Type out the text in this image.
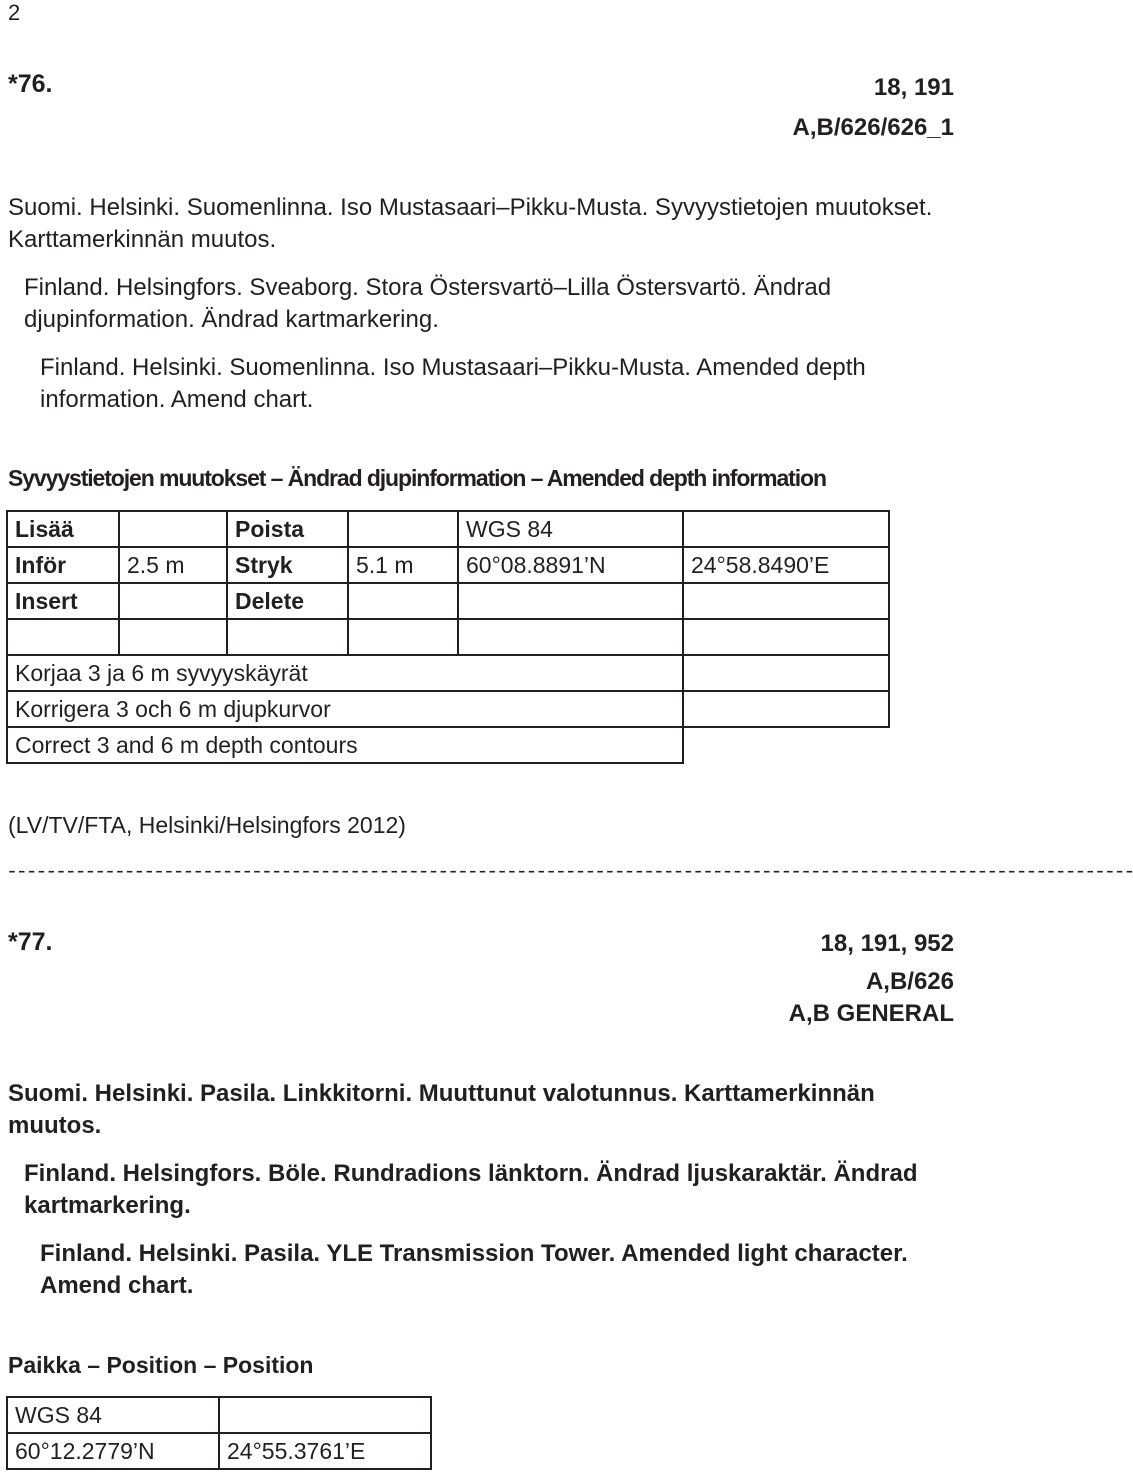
2
*76.	18, 191
A,B/626/626_1
Suomi. Helsinki. Suomenlinna. Iso Mustasaari–Pikku-Musta. Syvyystietojen muutokset. Karttamerkinnän muutos.
Finland. Helsingfors. Sveaborg. Stora Östersvartö–Lilla Östersvartö. Ändrad djupinformation. Ändrad kartmarkering.
Finland. Helsinki. Suomenlinna. Iso Mustasaari–Pikku-Musta. Amended depth information. Amend chart.
Syvyystietojen muutokset – Ändrad djupinformation – Amended depth information
Lisää		Poista		WGS 84	
Inför	2.5 m	Stryk	5.1 m	60°08.8891’N	24°58.8490’E
Insert		Delete			

Korjaa 3 ja 6 m syvyyskäyrät					
Korrigera 3 och 6 m djupkurvor					
Correct 3 and 6 m depth contours					
(LV/TV/FTA, Helsinki/Helsingfors 2012)
-------------------------------------------------------------------------------------------------------------------
*77.	18, 191, 952
A,B/626
A,B GENERAL
Suomi. Helsinki. Pasila. Linkkitorni. Muuttunut valotunnus. Karttamerkinnän muutos.
Finland. Helsingfors. Böle. Rundradions länktorn. Ändrad ljuskaraktär. Ändrad kartmarkering.
Finland. Helsinki. Pasila. YLE Transmission Tower. Amended light character. Amend chart.
Paikka – Position – Position
WGS 84	
60°12.2779’N	24°55.3761’E
